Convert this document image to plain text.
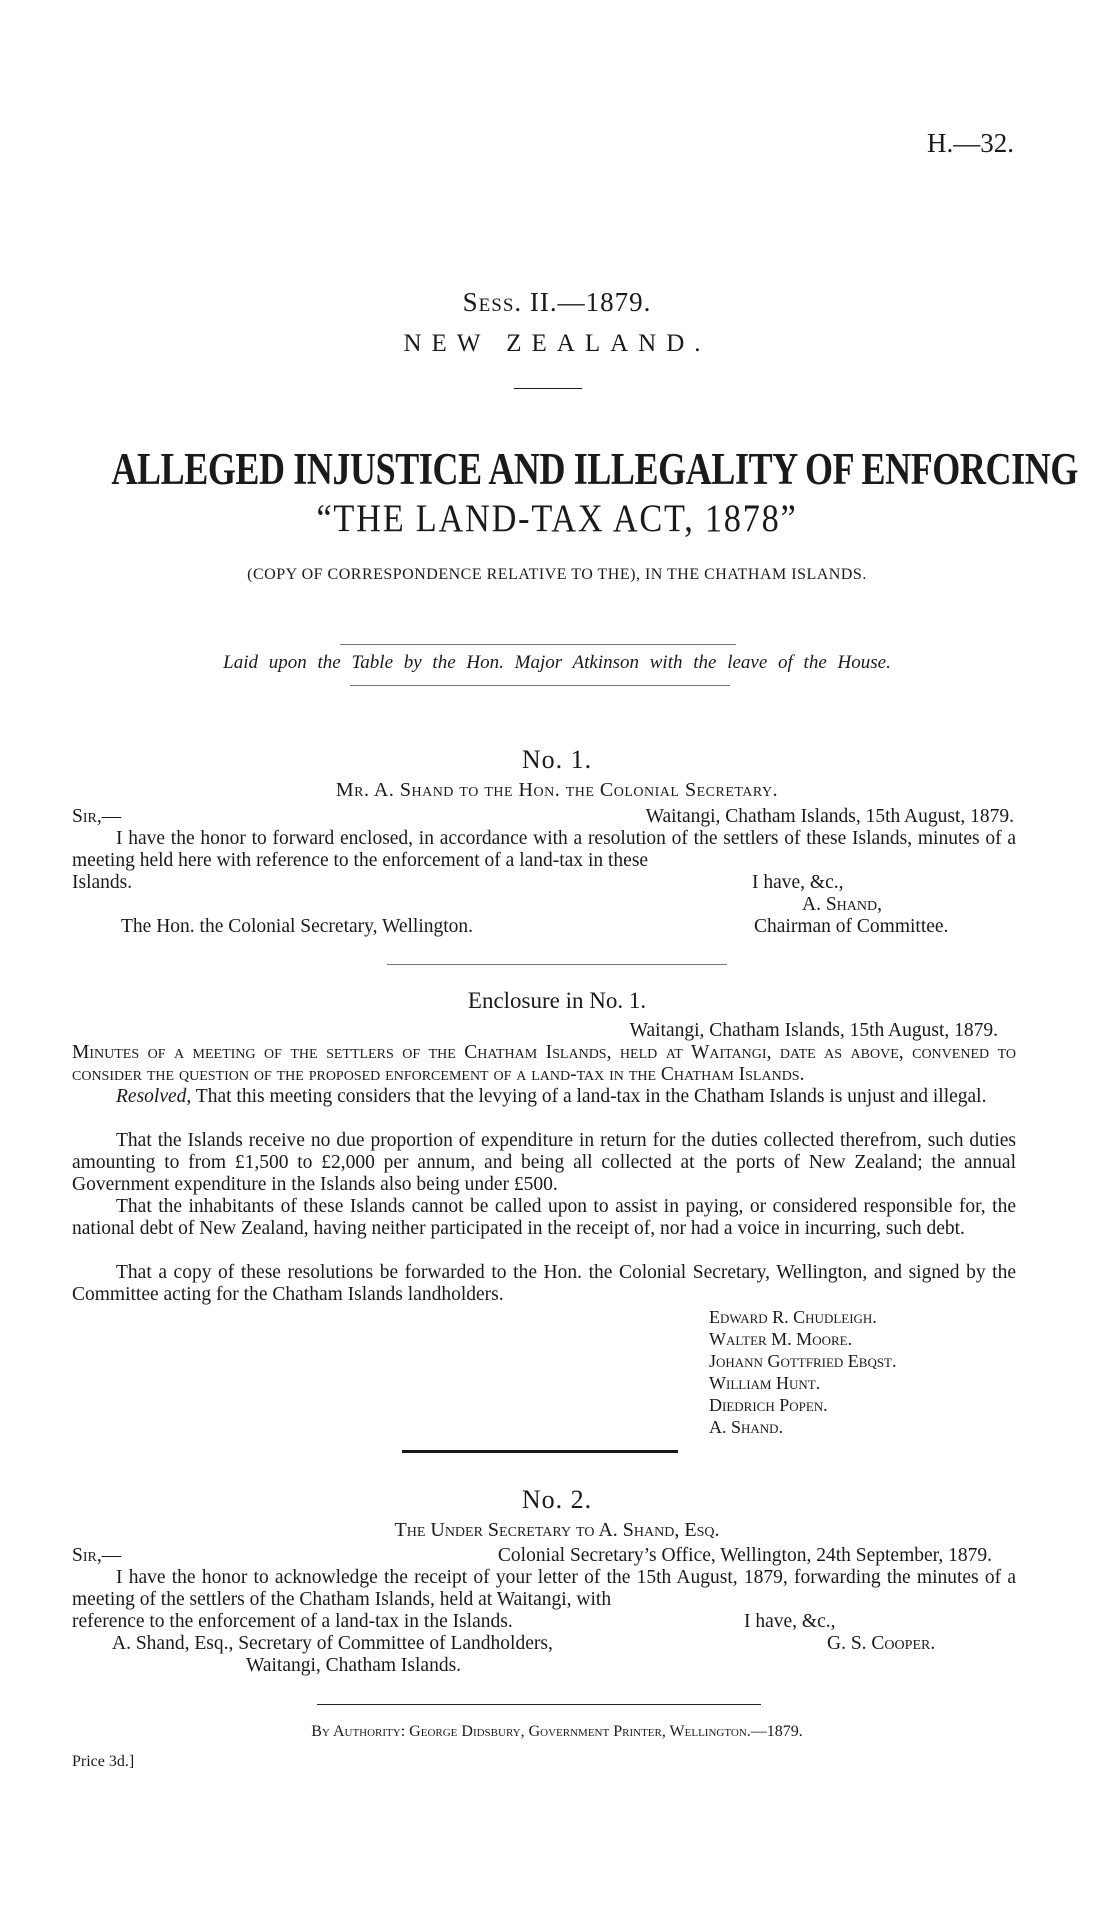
H.—32.
Sess. II.—1879.
NEW ZEALAND.
ALLEGED INJUSTICE AND ILLEGALITY OF ENFORCING
“THE LAND-TAX ACT, 1878”
(COPY OF CORRESPONDENCE RELATIVE TO THE), IN THE CHATHAM ISLANDS.
Laid upon the Table by the Hon. Major Atkinson with the leave of the House.
No. 1.
Mr. A. Shand to the Hon. the Colonial Secretary.
Sir,—	Waitangi, Chatham Islands, 15th August, 1879.
I have the honor to forward enclosed, in accordance with a resolution of the settlers of these Islands, minutes of a meeting held here with reference to the enforcement of a land-tax in these
Islands.	I have, &c.,
A. Shand,
The Hon. the Colonial Secretary, Wellington.	Chairman of Committee.
Enclosure in No. 1.
Waitangi, Chatham Islands, 15th August, 1879.
Minutes of a meeting of the settlers of the Chatham Islands, held at Waitangi, date as above, convened to consider the question of the proposed enforcement of a land-tax in the Chatham Islands.
Resolved, That this meeting considers that the levying of a land-tax in the Chatham Islands is unjust and illegal.
That the Islands receive no due proportion of expenditure in return for the duties collected therefrom, such duties amounting to from £1,500 to £2,000 per annum, and being all collected at the ports of New Zealand; the annual Government expenditure in the Islands also being under £500.
That the inhabitants of these Islands cannot be called upon to assist in paying, or considered responsible for, the national debt of New Zealand, having neither participated in the receipt of, nor had a voice in incurring, such debt.
That a copy of these resolutions be forwarded to the Hon. the Colonial Secretary, Wellington, and signed by the Committee acting for the Chatham Islands landholders.
Edward R. Chudleigh.
Walter M. Moore.
Johann Gottfried Ebqst.
William Hunt.
Diedrich Popen.
A. Shand.
No. 2.
The Under Secretary to A. Shand, Esq.
Sir,—	Colonial Secretary’s Office, Wellington, 24th September, 1879.
I have the honor to acknowledge the receipt of your letter of the 15th August, 1879, forwarding the minutes of a meeting of the settlers of the Chatham Islands, held at Waitangi, with
reference to the enforcement of a land-tax in the Islands.	I have, &c.,
A. Shand, Esq., Secretary of Committee of Landholders,	G. S. Cooper.
Waitangi, Chatham Islands.
By Authority: George Didsbury, Government Printer, Wellington.—1879.
Price 3d.]
